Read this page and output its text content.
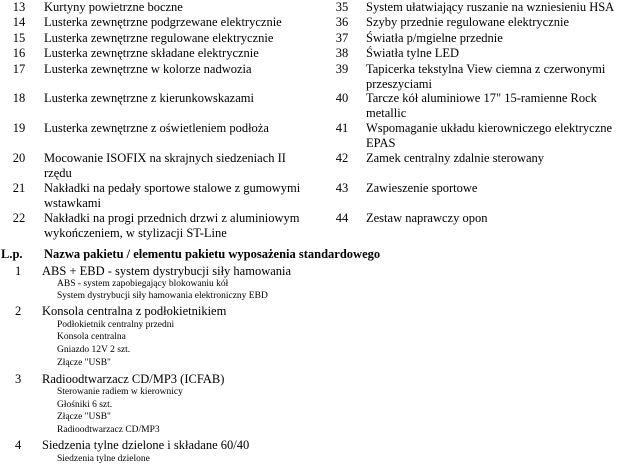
13	Kurtyny powietrzne boczne
14	Lusterka zewnętrzne podgrzewane elektrycznie
15	Lusterka zewnętrzne regulowane elektrycznie
16	Lusterka zewnętrzne składane elektrycznie
17	Lusterka zewnętrzne w kolorze nadwozia
18	Lusterka zewnętrzne z kierunkowskazami
19	Lusterka zewnętrzne z oświetleniem podłoża
20	Mocowanie ISOFIX na skrajnych siedzeniach II rzędu
21	Nakładki na pedały sportowe stalowe z gumowymi wstawkami
22	Nakładki na progi przednich drzwi z aluminiowym wykończeniem, w stylizacji ST-Line
35	System ułatwiający ruszanie na wzniesieniu HSA
36	Szyby przednie regulowane elektrycznie
37	Światła p/mgielne przednie
38	Światła tylne LED
39	Tapicerka tekstylna View ciemna z czerwonymi przeszyciami
40	Tarcze kół aluminiowe 17" 15-ramienne Rock metallic
41	Wspomaganie układu kierowniczego elektryczne EPAS
42	Zamek centralny zdalnie sterowany
43	Zawieszenie sportowe
44	Zestaw naprawczy opon
L.p. Nazwa pakietu / elementu pakietu wyposażenia standardowego
1 ABS + EBD - system dystrybucji siły hamowania
ABS - system zapobiegający blokowaniu kół
System dystrybucji siły hamowania elektroniczny EBD
2 Konsola centralna z podłokietnikiem
Podłokietnik centralny przedni
Konsola centralna
Gniazdo 12V 2 szt.
Złącze "USB"
3 Radioodtwarzacz CD/MP3 (ICFAB)
Sterowanie radiem w kierownicy
Głośniki 6 szt.
Złącze "USB"
Radioodtwarzacz CD/MP3
4 Siedzenia tylne dzielone i składane 60/40
Siedzenia tylne dzielone
